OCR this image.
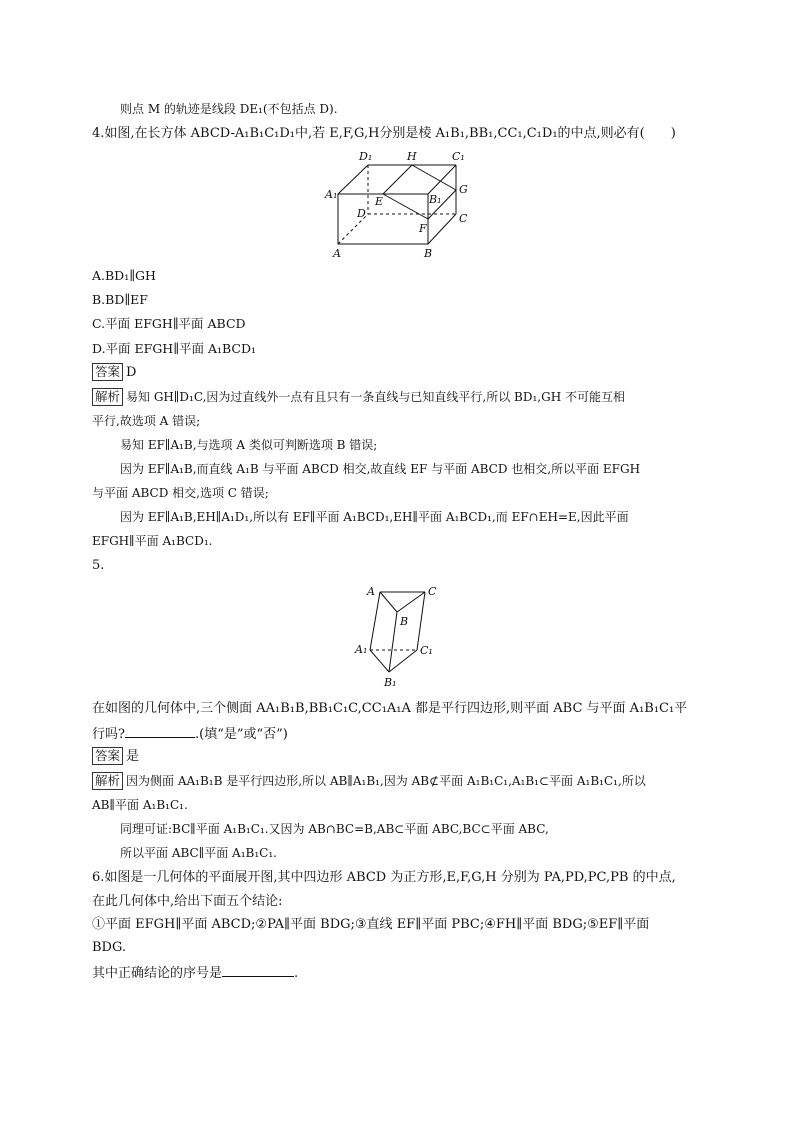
则点 M 的轨迹是线段 DE₁(不包括点 D).
4.如图,在长方体 ABCD-A₁B₁C₁D₁中,若 E,F,G,H分别是棱 A₁B₁,BB₁,CC₁,C₁D₁的中点,则必有(　　)
D₁	H	C₁
A₁
E	B₁
G
D	C
F
A	B
A.BD₁∥GH
B.BD∥EF
C.平面 EFGH∥平面 ABCD
D.平面 EFGH∥平面 A₁BCD₁
答案 D
解析 易知 GH∥D₁C,因为过直线外一点有且只有一条直线与已知直线平行,所以 BD₁,GH 不可能互相
平行,故选项 A 错误;
易知 EF∥A₁B,与选项 A 类似可判断选项 B 错误;
因为 EF∥A₁B,而直线 A₁B 与平面 ABCD 相交,故直线 EF 与平面 ABCD 也相交,所以平面 EFGH
与平面 ABCD 相交,选项 C 错误;
因为 EF∥A₁B,EH∥A₁D₁,所以有 EF∥平面 A₁BCD₁,EH∥平面 A₁BCD₁,而 EF∩EH=E,因此平面
EFGH∥平面 A₁BCD₁.
5.
A	C
B
A₁	C₁
B₁
在如图的几何体中,三个侧面 AA₁B₁B,BB₁C₁C,CC₁A₁A 都是平行四边形,则平面 ABC 与平面 A₁B₁C₁平
行吗?	.(填“是”或“否”)
答案 是
解析 因为侧面 AA₁B₁B 是平行四边形,所以 AB∥A₁B₁,因为 AB⊄平面 A₁B₁C₁,A₁B₁⊂平面 A₁B₁C₁,所以
AB∥平面 A₁B₁C₁.
同理可证:BC∥平面 A₁B₁C₁.又因为 AB∩BC=B,AB⊂平面 ABC,BC⊂平面 ABC,
所以平面 ABC∥平面 A₁B₁C₁.
6.如图是一几何体的平面展开图,其中四边形 ABCD 为正方形,E,F,G,H 分别为 PA,PD,PC,PB 的中点,
在此几何体中,给出下面五个结论:
①平面 EFGH∥平面 ABCD;②PA∥平面 BDG;③直线 EF∥平面 PBC;④FH∥平面 BDG;⑤EF∥平面
BDG.
其中正确结论的序号是	.
